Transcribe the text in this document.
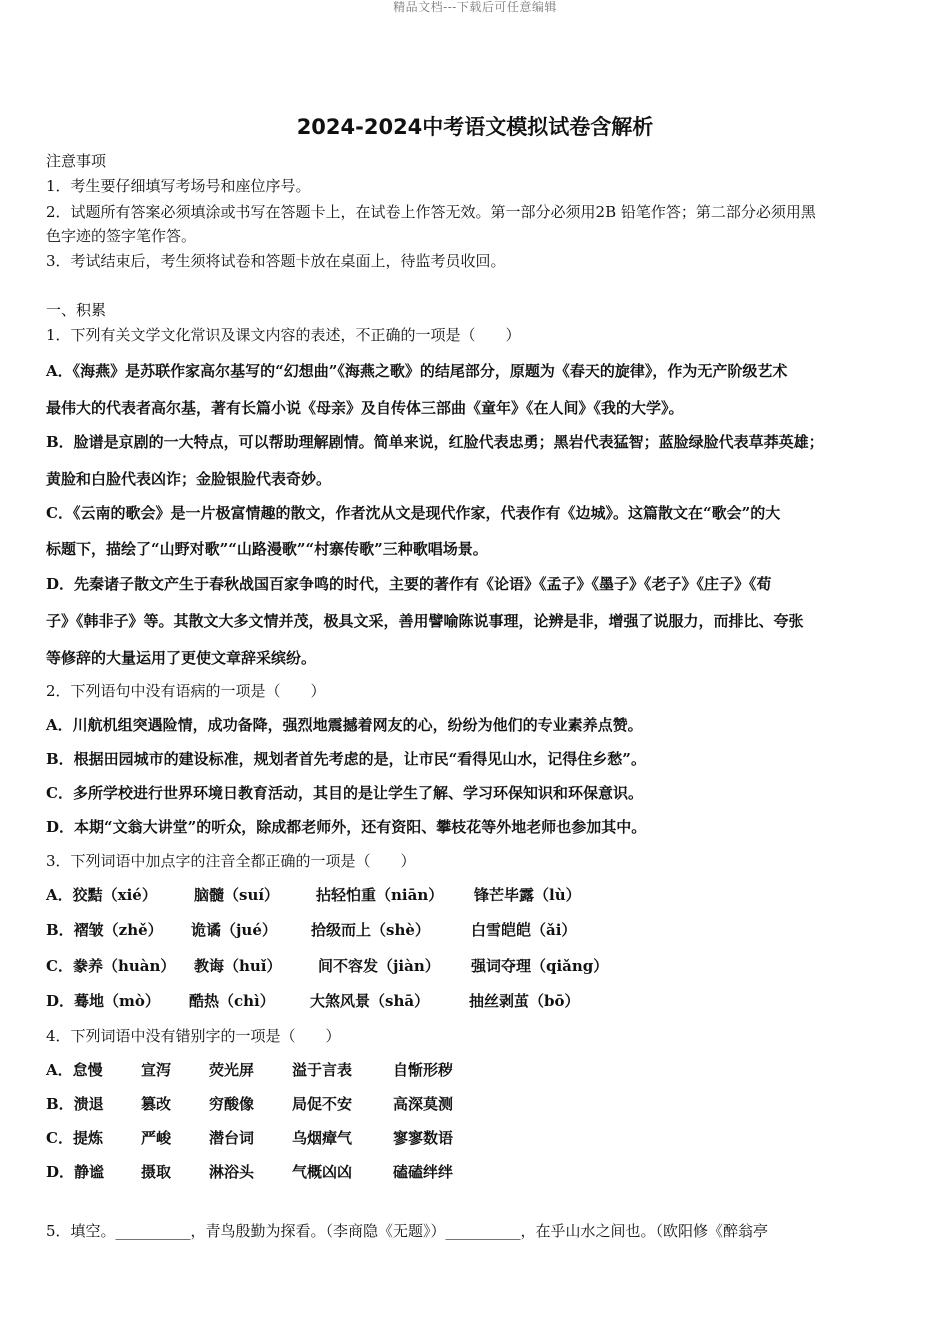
精品文档---下载后可任意编辑
2024-2024中考语文模拟试卷含解析
注意事项
1．考生要仔细填写考场号和座位序号。
2．试题所有答案必须填涂或书写在答题卡上，在试卷上作答无效。第一部分必须用2B 铅笔作答；第二部分必须用黑
色字迹的签字笔作答。
3．考试结束后，考生须将试卷和答题卡放在桌面上，待监考员收回。
一、积累
1．下列有关文学文化常识及课文内容的表述，不正确的一项是（　　）
A．《海燕》是苏联作家高尔基写的“幻想曲”《海燕之歌》的结尾部分，原题为《春天的旋律》，作为无产阶级艺术
最伟大的代表者高尔基，著有长篇小说《母亲》及自传体三部曲《童年》《在人间》《我的大学》。
B．脸谱是京剧的一大特点，可以帮助理解剧情。简单来说，红脸代表忠勇；黑岩代表猛智；蓝脸绿脸代表草莽英雄；
黄脸和白脸代表凶诈；金脸银脸代表奇妙。
C．《云南的歌会》是一片极富情趣的散文，作者沈从文是现代作家，代表作有《边城》。这篇散文在“歌会”的大
标题下，描绘了“山野对歌”“山路漫歌”“村寨传歌”三种歌唱场景。
D．先秦诸子散文产生于春秋战国百家争鸣的时代，主要的著作有《论语》《孟子》《墨子》《老子》《庄子》《荀
子》《韩非子》等。其散文大多文情并茂，极具文采，善用譬喻陈说事理，论辨是非，增强了说服力，而排比、夸张
等修辞的大量运用了更使文章辞采缤纷。
2．下列语句中没有语病的一项是（　　）
A．川航机组突遇险情，成功备降，强烈地震撼着网友的心，纷纷为他们的专业素养点赞。
B．根据田园城市的建设标准，规划者首先考虑的是，让市民“看得见山水，记得住乡愁”。
C．多所学校进行世界环境日教育活动，其目的是让学生了解、学习环保知识和环保意识。
D．本期“文翁大讲堂”的听众，除成都老师外，还有资阳、攀枝花等外地老师也参加其中。
3．下列词语中加点字的注音全都正确的一项是（　　）
A．狡黠（xié） 脑髓（suí） 拈轻怕重（niān） 锋芒毕露（lù）
B．褶皱（zhě） 诡谲（jué） 拾级而上（shè）	白雪皑皑（ǎi）
C．豢养（huàn） 教诲（huǐ） 间不容发（jiàn） 强词夺理（qiǎng）
D．蓦地（mò） 酷热（chì） 大煞风景（shā）	抽丝剥茧（bō）
4．下列词语中没有错别字的一项是（　　）
A．怠慢	宣泻	荧光屏	溢于言表	自惭形秽
B．溃退 篡改	穷酸像	局促不安	高深莫测
C．提炼	严峻	潜台词	乌烟瘴气	寥寥数语
D．静谧 摄取	淋浴头	气概凶凶	磕磕绊绊
5．填空。__________，青鸟殷勤为探看。（李商隐《无题》）__________，在乎山水之间也。（欧阳修《醉翁亭
